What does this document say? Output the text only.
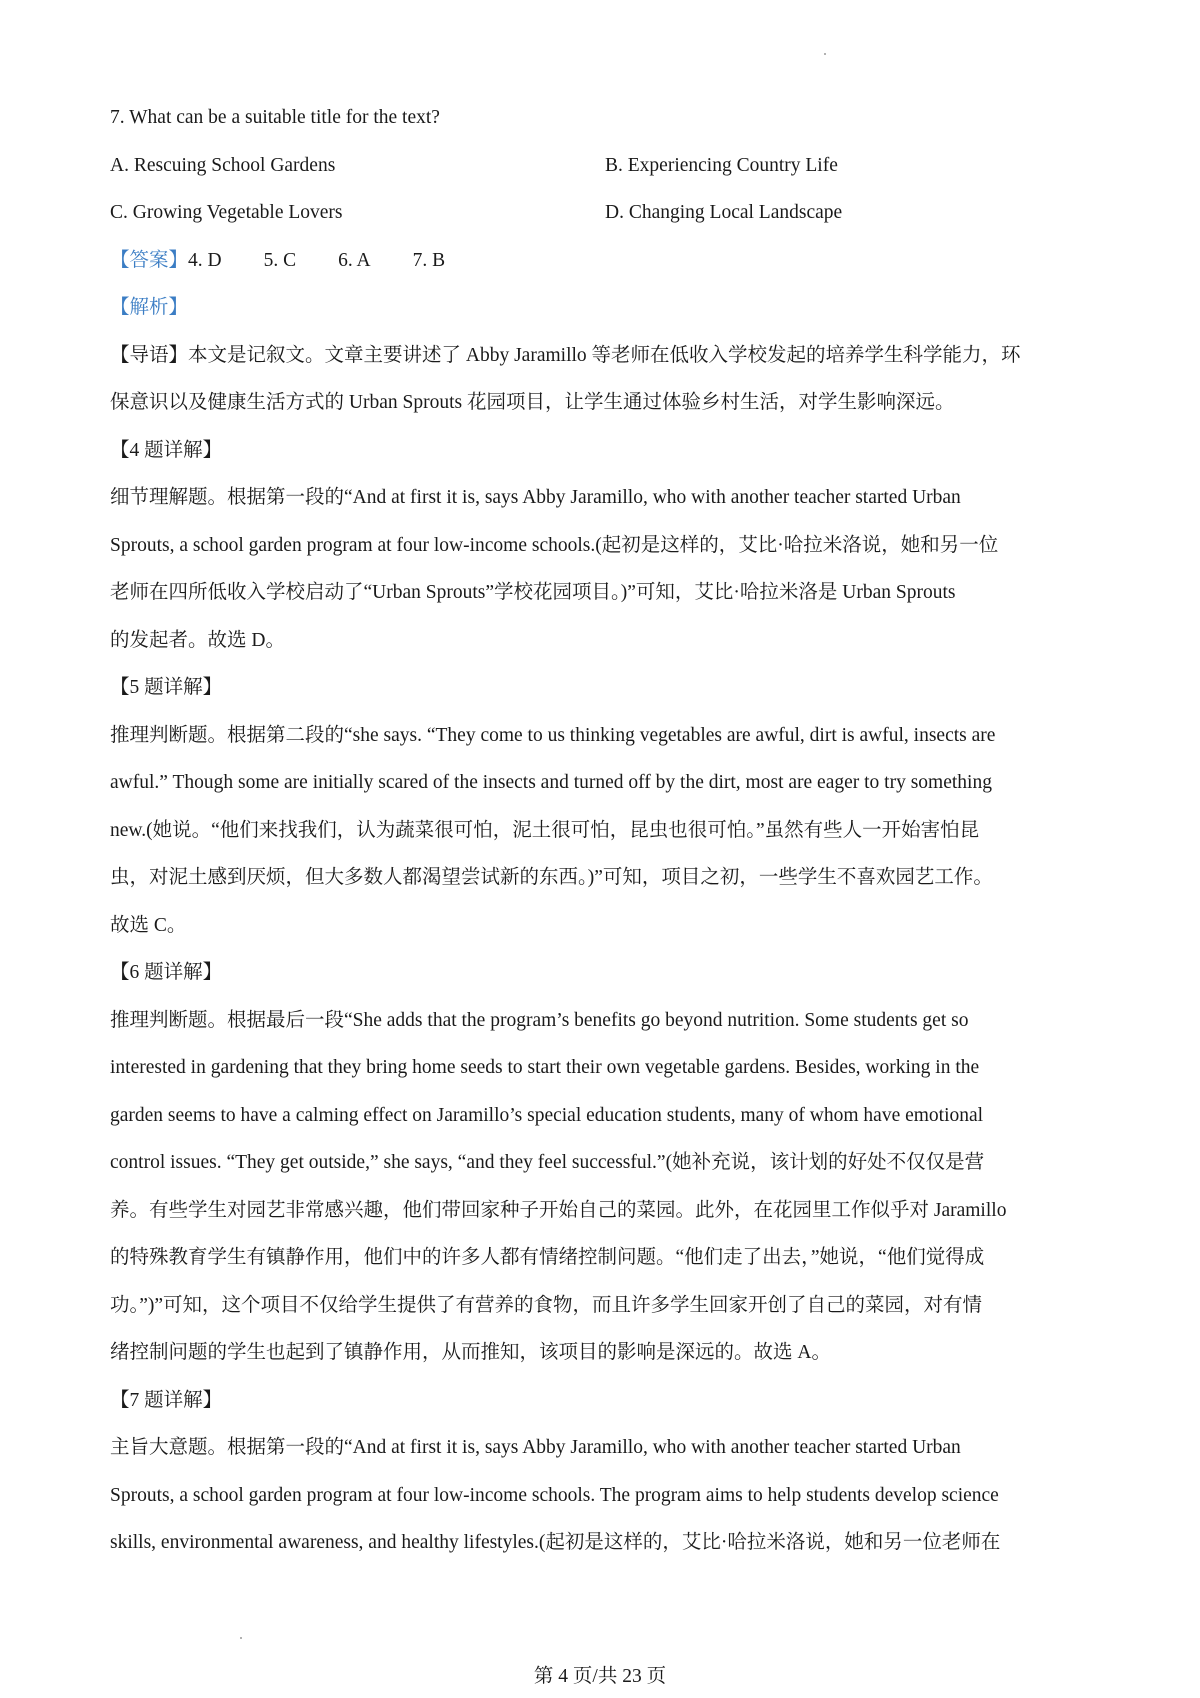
7. What can be a suitable title for the text?
A. Rescuing School Gardens	B. Experiencing Country Life
C. Growing Vegetable Lovers	D. Changing Local Landscape
【答案】4. D 5. C 6. A 7. B
【解析】
【导语】本文是记叙文。文章主要讲述了 Abby Jaramillo 等老师在低收入学校发起的培养学生科学能力，环
保意识以及健康生活方式的 Urban Sprouts 花园项目，让学生通过体验乡村生活，对学生影响深远。
【4 题详解】
细节理解题。根据第一段的“And at first it is, says Abby Jaramillo, who with another teacher started Urban
Sprouts, a school garden program at four low-income schools.(起初是这样的，艾比·哈拉米洛说，她和另一位
老师在四所低收入学校启动了“Urban Sprouts”学校花园项目。)”可知，艾比·哈拉米洛是 Urban Sprouts
的发起者。故选 D。
【5 题详解】
推理判断题。根据第二段的“she says. “They come to us thinking vegetables are awful, dirt is awful, insects are
awful.” Though some are initially scared of the insects and turned off by the dirt, most are eager to try something
new.(她说。“他们来找我们，认为蔬菜很可怕，泥土很可怕，昆虫也很可怕。”虽然有些人一开始害怕昆
虫，对泥土感到厌烦，但大多数人都渴望尝试新的东西。)”可知，项目之初，一些学生不喜欢园艺工作。
故选 C。
【6 题详解】
推理判断题。根据最后一段“She adds that the program’s benefits go beyond nutrition. Some students get so
interested in gardening that they bring home seeds to start their own vegetable gardens. Besides, working in the
garden seems to have a calming effect on Jaramillo’s special education students, many of whom have emotional
control issues. “They get outside,” she says, “and they feel successful.”(她补充说，该计划的好处不仅仅是营
养。有些学生对园艺非常感兴趣，他们带回家种子开始自己的菜园。此外，在花园里工作似乎对 Jaramillo
的特殊教育学生有镇静作用，他们中的许多人都有情绪控制问题。“他们走了出去，”她说，“他们觉得成
功。”)”可知，这个项目不仅给学生提供了有营养的食物，而且许多学生回家开创了自己的菜园，对有情
绪控制问题的学生也起到了镇静作用，从而推知，该项目的影响是深远的。故选 A。
【7 题详解】
主旨大意题。根据第一段的“And at first it is, says Abby Jaramillo, who with another teacher started Urban
Sprouts, a school garden program at four low-income schools. The program aims to help students develop science
skills, environmental awareness, and healthy lifestyles.(起初是这样的，艾比·哈拉米洛说，她和另一位老师在
第 4 页/共 23 页
